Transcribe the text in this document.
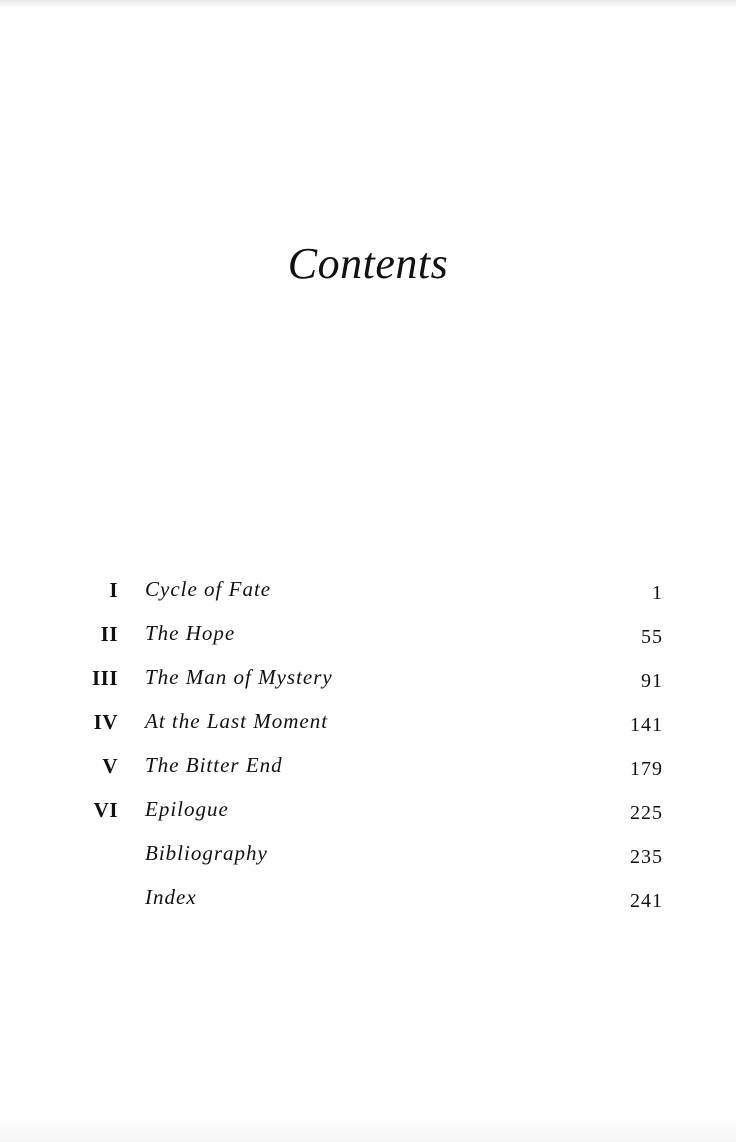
Contents
I Cycle of Fate	1
II The Hope	55
III The Man of Mystery	91
IV At the Last Moment	141
V The Bitter End	179
VI Epilogue	225
Bibliography	235
Index	241
